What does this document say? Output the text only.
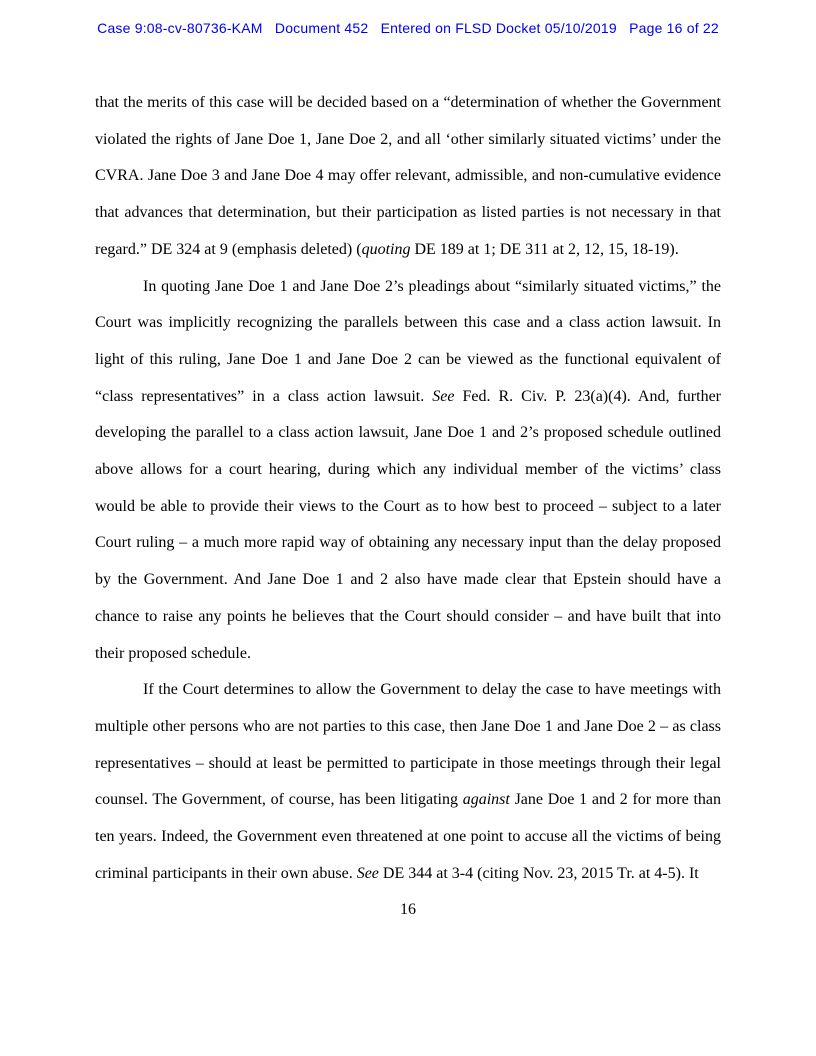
Case 9:08-cv-80736-KAM   Document 452   Entered on FLSD Docket 05/10/2019   Page 16 of 22

that the merits of this case will be decided based on a “determination of whether the Government violated the rights of Jane Doe 1, Jane Doe 2, and all ‘other similarly situated victims’ under the CVRA. Jane Doe 3 and Jane Doe 4 may offer relevant, admissible, and non-cumulative evidence that advances that determination, but their participation as listed parties is not necessary in that regard.” DE 324 at 9 (emphasis deleted) (quoting DE 189 at 1; DE 311 at 2, 12, 15, 18-19).

In quoting Jane Doe 1 and Jane Doe 2’s pleadings about “similarly situated victims,” the Court was implicitly recognizing the parallels between this case and a class action lawsuit. In light of this ruling, Jane Doe 1 and Jane Doe 2 can be viewed as the functional equivalent of “class representatives” in a class action lawsuit. See Fed. R. Civ. P. 23(a)(4). And, further developing the parallel to a class action lawsuit, Jane Doe 1 and 2’s proposed schedule outlined above allows for a court hearing, during which any individual member of the victims’ class would be able to provide their views to the Court as to how best to proceed – subject to a later Court ruling – a much more rapid way of obtaining any necessary input than the delay proposed by the Government. And Jane Doe 1 and 2 also have made clear that Epstein should have a chance to raise any points he believes that the Court should consider – and have built that into their proposed schedule.

If the Court determines to allow the Government to delay the case to have meetings with multiple other persons who are not parties to this case, then Jane Doe 1 and Jane Doe 2 – as class representatives – should at least be permitted to participate in those meetings through their legal counsel. The Government, of course, has been litigating against Jane Doe 1 and 2 for more than ten years. Indeed, the Government even threatened at one point to accuse all the victims of being criminal participants in their own abuse. See DE 344 at 3-4 (citing Nov. 23, 2015 Tr. at 4-5). It

16
